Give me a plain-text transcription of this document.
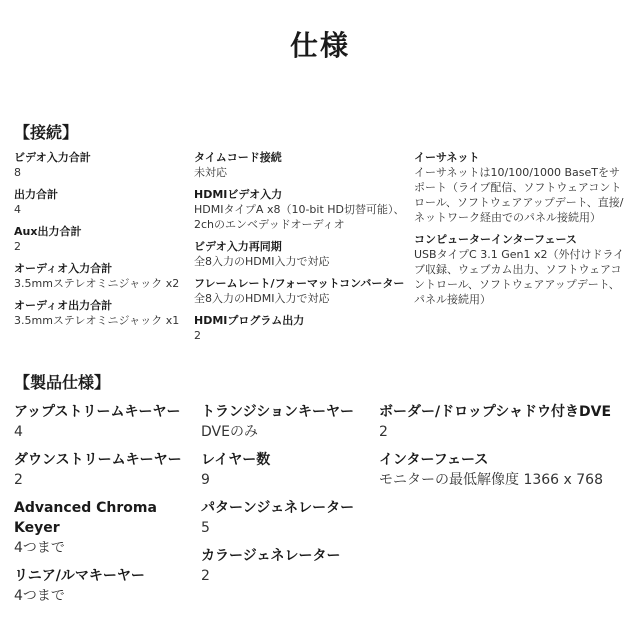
仕様
【接続】
ビデオ入力合計
8
出力合計
4
Aux出力合計
2
オーディオ入力合計
3.5mmステレオミニジャック x2
オーディオ出力合計
3.5mmステレオミニジャック x1
タイムコード接続
未対応
HDMIビデオ入力
HDMIタイプA x8（10-bit HD切替可能）、2chのエンベデッドオーディオ
ビデオ入力再同期
全8入力のHDMI入力で対応
フレームレート/フォーマットコンバーター
全8入力のHDMI入力で対応
HDMIプログラム出力
2
イーサネット
イーサネットは10/100/1000 BaseTをサポート（ライブ配信、ソフトウェアコントロール、ソフトウェアアップデート、直接/ネットワーク経由でのパネル接続用）
コンピューターインターフェース
USBタイプC 3.1 Gen1 x2（外付けドライブ収録、ウェブカム出力、ソフトウェアコントロール、ソフトウェアアップデート、パネル接続用）
【製品仕様】
アップストリームキーヤー
4
ダウンストリームキーヤー
2
Advanced Chroma Keyer
4つまで
リニア/ルマキーヤー
4つまで
トランジションキーヤー
DVEのみ
レイヤー数
9
パターンジェネレーター
5
カラージェネレーター
2
ボーダー/ドロップシャドウ付きDVE
2
インターフェース
モニターの最低解像度 1366 x 768
